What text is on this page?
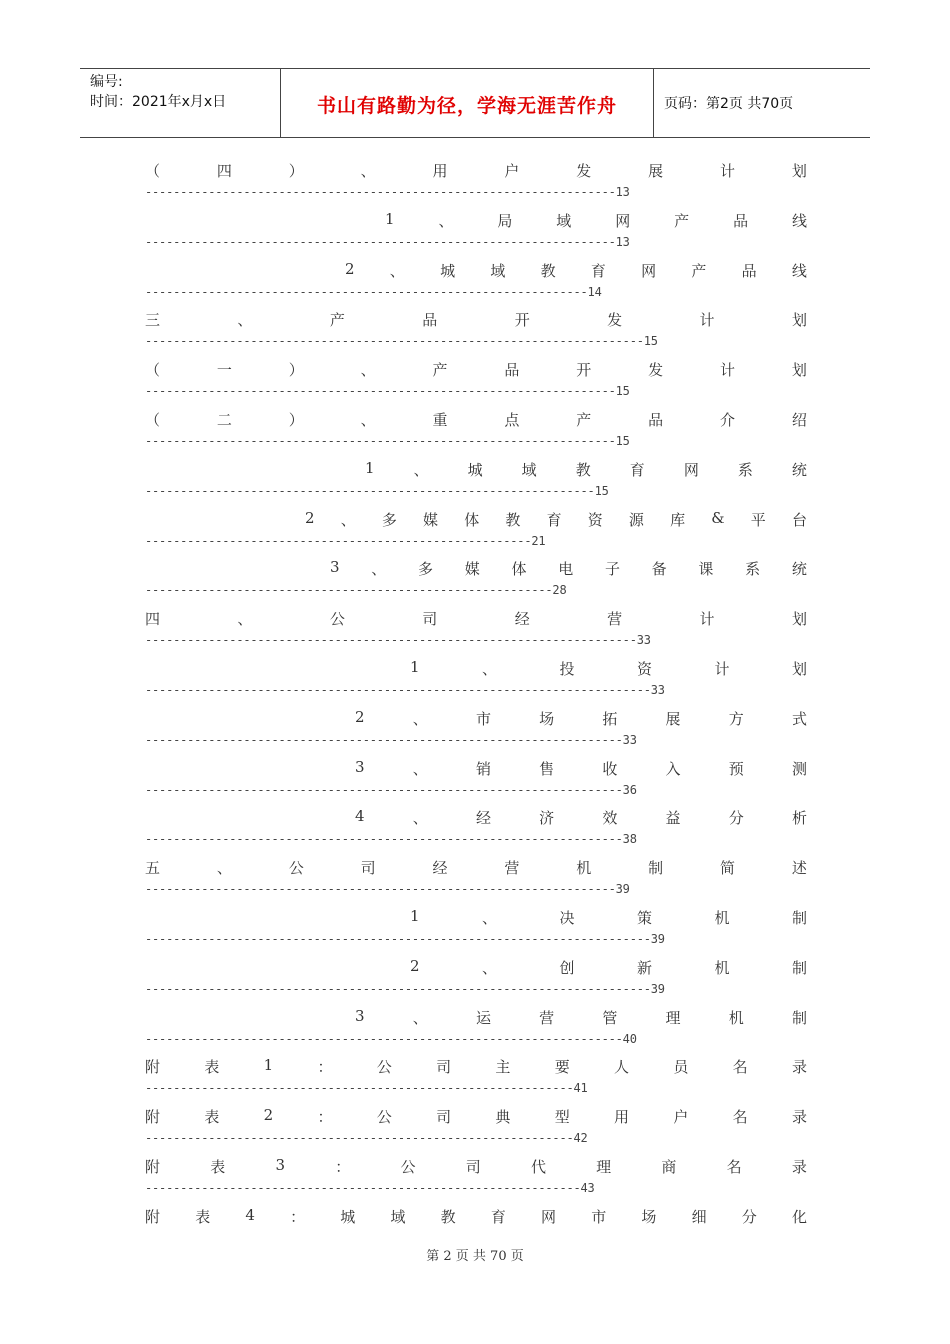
编号:
时间：2021年x月x日	书山有路勤为径，学海无涯苦作舟	页码：第2页 共70页
（	四	）	、	用	户	发	展	计	划
-------------------------------------------------------------------13
1	、	局	域	网	产	品	线
-------------------------------------------------------------------13
2 、 城 域 教 育 网 产 品 线
---------------------------------------------------------------14
三	、	产	品	开	发	计	划
-----------------------------------------------------------------------15
（	一	）	、	产	品	开	发	计	划
-------------------------------------------------------------------15
（	二	）	、	重	点	产	品	介	绍
-------------------------------------------------------------------15
1	、	城	域	教	育	网	系	统
----------------------------------------------------------------15
2 、 多 媒 体 教 育 资 源 库 & 平 台
-------------------------------------------------------21
3 、 多 媒 体 电 子 备 课 系 统
----------------------------------------------------------28
四	、	公	司	经	营	计	划
----------------------------------------------------------------------33
1	、	投	资	计	划
------------------------------------------------------------------------33
2	、	市	场	拓	展	方	式
--------------------------------------------------------------------33
3	、	销	售	收	入	预	测
--------------------------------------------------------------------36
4	、	经	济	效	益	分	析
--------------------------------------------------------------------38
五	、	公	司	经	营	机	制	简	述
-------------------------------------------------------------------39
1	、	决	策	机	制
------------------------------------------------------------------------39
2	、	创	新	机	制
------------------------------------------------------------------------39
3	、	运	营	管	理	机	制
--------------------------------------------------------------------40
附	表	1	：	公	司	主	要	人	员	名	录
-------------------------------------------------------------41
附	表	2	：	公	司	典	型	用	户	名	录
-------------------------------------------------------------42
附	表	3	：	公	司	代	理	商	名	录
--------------------------------------------------------------43
附 表 4 ： 城 域 教 育 网 市 场 细 分 化
第 2 页 共 70 页
